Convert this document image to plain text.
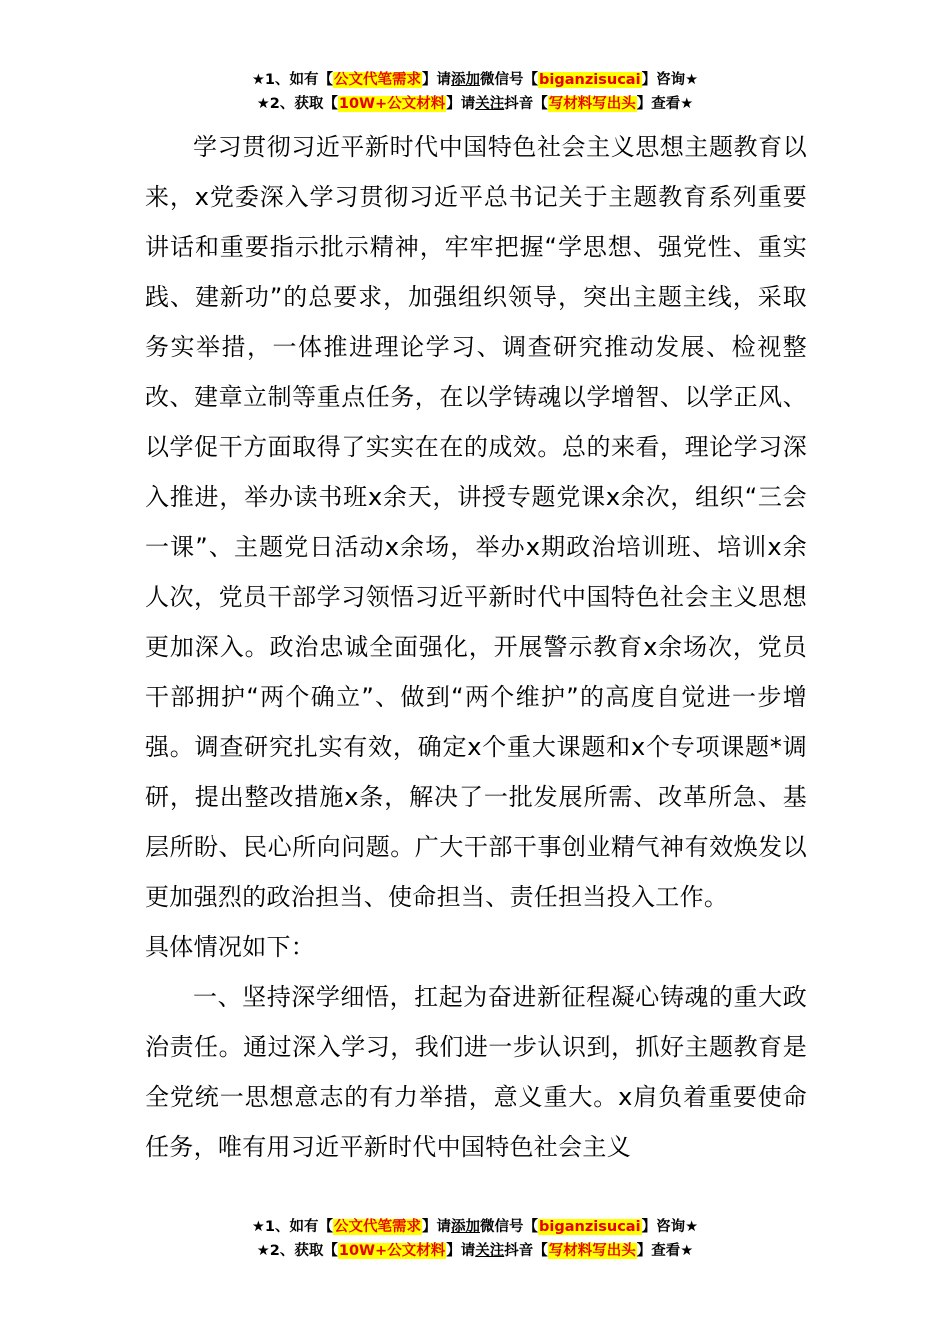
★1、如有【公文代笔需求】请添加微信号【biganzisucai】咨询★
★2、获取【10W+公文材料】请关注抖音【写材料写出头】查看★

学习贯彻习近平新时代中国特色社会主义思想主题教育以来，x党委深入学习贯彻习近平总书记关于主题教育系列重要讲话和重要指示批示精神，牢牢把握“学思想、强党性、重实践、建新功”的总要求，加强组织领导，突出主题主线，采取务实举措，一体推进理论学习、调查研究推动发展、检视整改、建章立制等重点任务，在以学铸魂以学增智、以学正风、以学促干方面取得了实实在在的成效。总的来看，理论学习深入推进，举办读书班x余天，讲授专题党课x余次，组织“三会一课”、主题党日活动x余场，举办x期政治培训班、培训x余人次，党员干部学习领悟习近平新时代中国特色社会主义思想更加深入。政治忠诚全面强化，开展警示教育x余场次，党员干部拥护“两个确立”、做到“两个维护”的高度自觉进一步增强。调查研究扎实有效，确定x个重大课题和x个专项课题*调研，提出整改措施x条，解决了一批发展所需、改革所急、基层所盼、民心所向问题。广大干部干事创业精气神有效焕发以更加强烈的政治担当、使命担当、责任担当投入工作。

具体情况如下：

一、坚持深学细悟，扛起为奋进新征程凝心铸魂的重大政治责任。通过深入学习，我们进一步认识到，抓好主题教育是全党统一思想意志的有力举措，意义重大。x肩负着重要使命任务，唯有用习近平新时代中国特色社会主义

★1、如有【公文代笔需求】请添加微信号【biganzisucai】咨询★
★2、获取【10W+公文材料】请关注抖音【写材料写出头】查看★
